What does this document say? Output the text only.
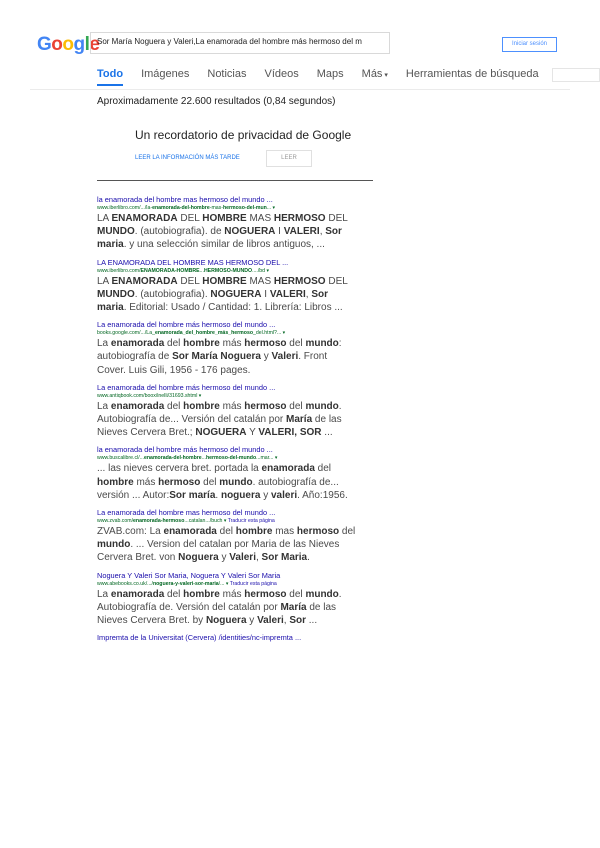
Google
Sor María Noguera y Valeri,La enamorada del hombre más hermoso del m	Iniciar sesión
Todo Imágenes Noticias Vídeos Maps Más ▾ Herramientas de búsqueda
Aproximadamente 22.600 resultados (0,84 segundos)
Un recordatorio de privacidad de Google
LEER LA INFORMACIÓN MÁS TARDE	LEER
la enamorada del hombre mas hermoso del mundo ...
www.iberlibro.com/.../la-enamorada-del-hombre-mas-hermoso-del-mun... ▾
LA ENAMORADA DEL HOMBRE MAS HERMOSO DEL MUNDO. (autobiografia). de NOGUERA I VALERI, Sor maria. y una selección similar de libros antiguos, ...
LA ENAMORADA DEL HOMBRE MAS HERMOSO DEL ...
www.iberlibro.com/ENAMORADA-HOMBRE...HERMOSO-MUNDO..../bd ▾
LA ENAMORADA DEL HOMBRE MAS HERMOSO DEL MUNDO. (autobiografia). NOGUERA I VALERI, Sor maria. Editorial: Usado / Cantidad: 1. Librería: Libros ...
La enamorada del hombre más hermoso del mundo ...
books.google.com/.../La_enamorada_del_hombre_más_hermoso_del.html?... ▾
La enamorada del hombre más hermoso del mundo: autobiografía de Sor María Noguera y Valeri. Front Cover. Luis Gili, 1956 - 176 pages.
La enamorada del hombre más hermoso del mundo ...
www.antiqbook.com/boox/inelli/31693.shtml ▾
La enamorada del hombre más hermoso del mundo. Autobiografía de... Versión del catalán por María de las Nieves Cervera Bret.; NOGUERA Y VALERI, SOR ...
la enamorada del hombre más hermoso del mundo ...
www.buscalibre.cl/...enamorada-del-hombre...hermoso-del-mundo...mar... ▾
... las nieves cervera bret. portada la enamorada del hombre más hermoso del mundo. autobiografía de... versión ... Autor:Sor maría. noguera y valeri. Año:1956.
La enamorada del hombre mas hermoso del mundo ...
www.zvab.com/enamorada-hermoso...catalan.../buch ▾ Traducir esta página
ZVAB.com: La enamorada del hombre mas hermoso del mundo. ... Version del catalan por Maria de las Nieves Cervera Bret. von Noguera y Valeri, Sor Maria.
Noguera Y Valeri Sor Maria, Noguera Y Valeri Sor Maria
www.abebooks.co.uk/.../noguera-y-valeri-sor-maria/... ▾ Traducir esta página
La enamorada del hombre más hermoso del mundo. Autobiografía de. Versión del catalán por María de las Nieves Cervera Bret. by Noguera y Valeri, Sor ...
Impremta de la Universitat (Cervera) /identities/nc-impremta ...
